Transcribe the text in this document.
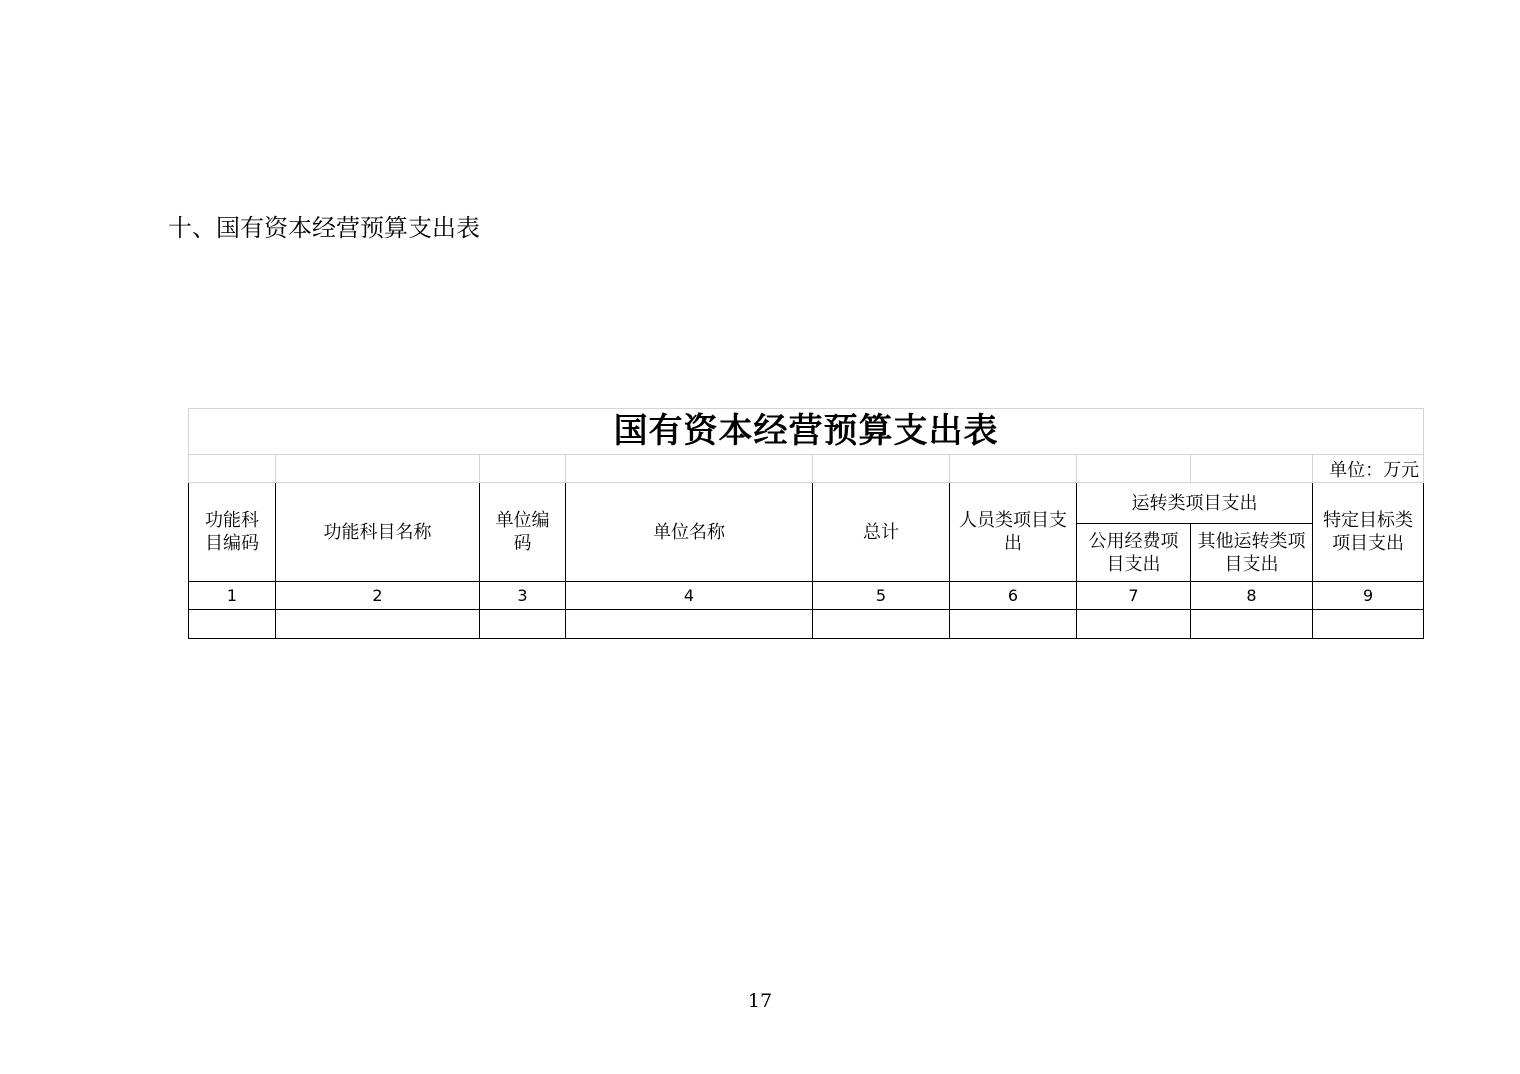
十、国有资本经营预算支出表
国有资本经营预算支出表								
								单位：万元

功能科目编码	功能科目名称	单位编码	单位名称	总计	人员类项目支出	运转类项目支出		特定目标类项目支出

						公用经费项目支出	其他运转类项目支出	

1	2	3	4	5	6	7	8	9

17
